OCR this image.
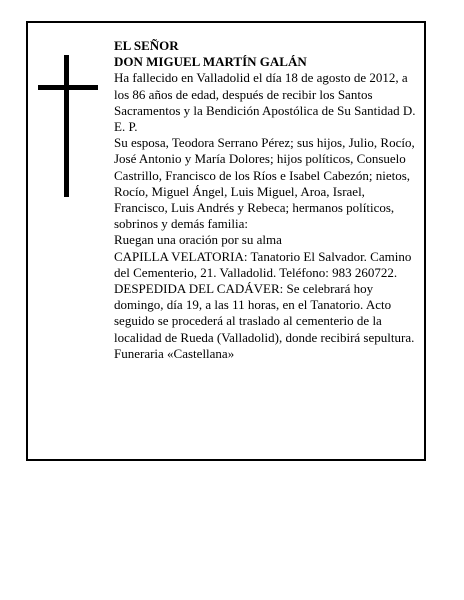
EL SEÑOR

DON MIGUEL MARTÍN GALÁN

Ha fallecido en Valladolid el día 18 de agosto de 2012, a los 86 años de edad, después de recibir los Santos Sacramentos y la Bendición Apostólica de Su Santidad D. E. P.

Su esposa, Teodora Serrano Pérez; sus hijos, Julio, Rocío, José Antonio y María Dolores; hijos políticos, Consuelo Castrillo, Francisco de los Ríos e Isabel Cabezón; nietos, Rocío, Miguel Ángel, Luis Miguel, Aroa, Israel, Francisco, Luis Andrés y Rebeca; hermanos políticos, sobrinos y demás familia:

Ruegan una oración por su alma

CAPILLA VELATORIA: Tanatorio El Salvador. Camino del Cementerio, 21. Valladolid. Teléfono: 983 260722.

DESPEDIDA DEL CADÁVER: Se celebrará hoy domingo, día 19, a las 11 horas, en el Tanatorio. Acto seguido se procederá al traslado al cementerio de la localidad de Rueda (Valladolid), donde recibirá sepultura.

Funeraria «Castellana»
